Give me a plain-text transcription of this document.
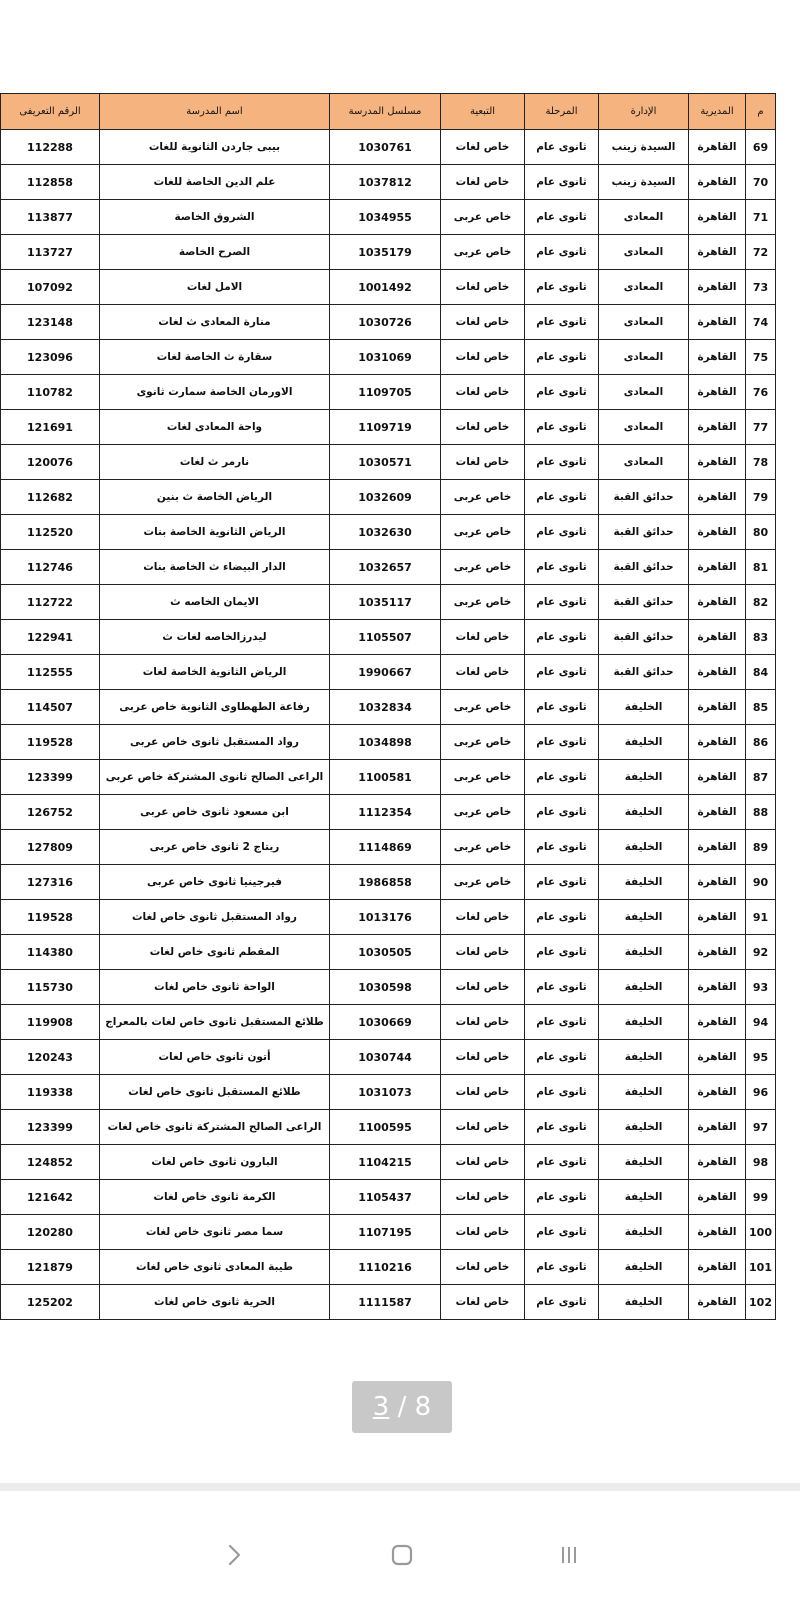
م	المديرية	الإدارة	المرحلة	التبعية	مسلسل المدرسة	اسم المدرسة	الرقم التعريفى
69	القاهرة	السيدة زينب	ثانوى عام	خاص لغات	1030761	بيبى جاردن الثانوية للغات	112288
70	القاهرة	السيدة زينب	ثانوى عام	خاص لغات	1037812	علم الدين الخاصة للغات	112858
71	القاهرة	المعادى	ثانوى عام	خاص عربى	1034955	الشروق الخاصة	113877
72	القاهرة	المعادى	ثانوى عام	خاص عربى	1035179	الصرح الخاصة	113727
73	القاهرة	المعادى	ثانوى عام	خاص لغات	1001492	الامل لغات	107092
74	القاهرة	المعادى	ثانوى عام	خاص لغات	1030726	منارة المعادى ث لغات	123148
75	القاهرة	المعادى	ثانوى عام	خاص لغات	1031069	سقارة ث الخاصة لغات	123096
76	القاهرة	المعادى	ثانوى عام	خاص لغات	1109705	الاورمان الخاصة سمارت ثانوى	110782
77	القاهرة	المعادى	ثانوى عام	خاص لغات	1109719	واحة المعادى لغات	121691
78	القاهرة	المعادى	ثانوى عام	خاص لغات	1030571	نارمر ث لغات	120076
79	القاهرة	حدائق القبة	ثانوى عام	خاص عربى	1032609	الرياض الخاصة ث بنين	112682
80	القاهرة	حدائق القبة	ثانوى عام	خاص عربى	1032630	الرياض الثانوية الخاصة بنات	112520
81	القاهرة	حدائق القبة	ثانوى عام	خاص عربى	1032657	الدار البيضاء ث الخاصة بنات	112746
82	القاهرة	حدائق القبة	ثانوى عام	خاص عربى	1035117	الايمان الخاصه ث	112722
83	القاهرة	حدائق القبة	ثانوى عام	خاص لغات	1105507	ليدرزالخاصه لغات ث	122941
84	القاهرة	حدائق القبة	ثانوى عام	خاص لغات	1990667	الرياض الثانوية الخاصة لغات	112555
85	القاهرة	الخليفة	ثانوى عام	خاص عربى	1032834	رفاعة الطهطاوى الثانوية خاص عربى	114507
86	القاهرة	الخليفة	ثانوى عام	خاص عربى	1034898	رواد المستقبل ثانوى خاص عربى	119528
87	القاهرة	الخليفة	ثانوى عام	خاص عربى	1100581	الراعى الصالح ثانوى المشتركة خاص عربى	123399
88	القاهرة	الخليفة	ثانوى عام	خاص عربى	1112354	ابن مسعود ثانوى خاص عربى	126752
89	القاهرة	الخليفة	ثانوى عام	خاص عربى	1114869	ريتاج 2 ثانوى خاص عربى	127809
90	القاهرة	الخليفة	ثانوى عام	خاص عربى	1986858	فيرجينيا ثانوى خاص عربى	127316
91	القاهرة	الخليفة	ثانوى عام	خاص لغات	1013176	رواد المستقبل ثانوى خاص لغات	119528
92	القاهرة	الخليفة	ثانوى عام	خاص لغات	1030505	المقطم ثانوى خاص لغات	114380
93	القاهرة	الخليفة	ثانوى عام	خاص لغات	1030598	الواحة ثانوى خاص لغات	115730
94	القاهرة	الخليفة	ثانوى عام	خاص لغات	1030669	طلائع المستقبل ثانوى خاص لغات بالمعراج	119908
95	القاهرة	الخليفة	ثانوى عام	خاص لغات	1030744	أتون ثانوى خاص لغات	120243
96	القاهرة	الخليفة	ثانوى عام	خاص لغات	1031073	طلائع المستقبل ثانوى خاص لغات	119338
97	القاهرة	الخليفة	ثانوى عام	خاص لغات	1100595	الراعى الصالح المشتركة ثانوى خاص لغات	123399
98	القاهرة	الخليفة	ثانوى عام	خاص لغات	1104215	البارون ثانوى خاص لغات	124852
99	القاهرة	الخليفة	ثانوى عام	خاص لغات	1105437	الكرمة ثانوى خاص لغات	121642
100	القاهرة	الخليفة	ثانوى عام	خاص لغات	1107195	سما مصر ثانوى خاص لغات	120280
101	القاهرة	الخليفة	ثانوى عام	خاص لغات	1110216	طيبة المعادى ثانوى خاص لغات	121879
102	القاهرة	الخليفة	ثانوى عام	خاص لغات	1111587	الحرية ثانوى خاص لغات	125202
3 / 8
